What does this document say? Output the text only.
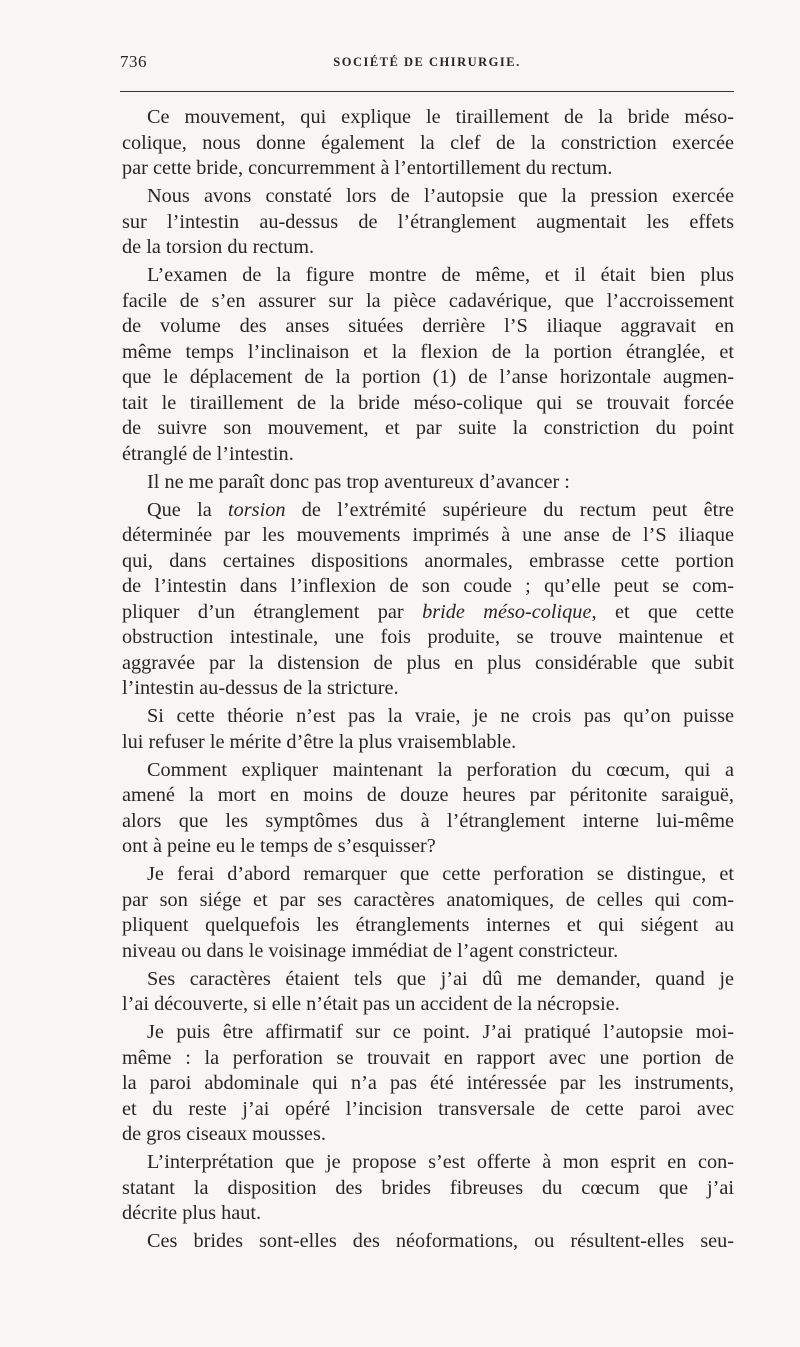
736	SOCIÉTÉ DE CHIRURGIE.
Ce mouvement, qui explique le tiraillement de la bride méso-
colique, nous donne également la clef de la constriction exercée
par cette bride, concurremment à l’entortillement du rectum.
Nous avons constaté lors de l’autopsie que la pression exercée
sur l’intestin au-dessus de l’étranglement augmentait les effets
de la torsion du rectum.
L’examen de la figure montre de même, et il était bien plus
facile de s’en assurer sur la pièce cadavérique, que l’accroissement
de volume des anses situées derrière l’S iliaque aggravait en
même temps l’inclinaison et la flexion de la portion étranglée, et
que le déplacement de la portion (1) de l’anse horizontale augmen-
tait le tiraillement de la bride méso-colique qui se trouvait forcée
de suivre son mouvement, et par suite la constriction du point
étranglé de l’intestin.
Il ne me paraît donc pas trop aventureux d’avancer :
Que la torsion de l’extrémité supérieure du rectum peut être
déterminée par les mouvements imprimés à une anse de l’S iliaque
qui, dans certaines dispositions anormales, embrasse cette portion
de l’intestin dans l’inflexion de son coude ; qu’elle peut se com-
pliquer d’un étranglement par bride méso-colique, et que cette
obstruction intestinale, une fois produite, se trouve maintenue et
aggravée par la distension de plus en plus considérable que subit
l’intestin au-dessus de la stricture.
Si cette théorie n’est pas la vraie, je ne crois pas qu’on puisse
lui refuser le mérite d’être la plus vraisemblable.
Comment expliquer maintenant la perforation du cœcum, qui a
amené la mort en moins de douze heures par péritonite saraiguë,
alors que les symptômes dus à l’étranglement interne lui-même
ont à peine eu le temps de s’esquisser?
Je ferai d’abord remarquer que cette perforation se distingue, et
par son siége et par ses caractères anatomiques, de celles qui com-
pliquent quelquefois les étranglements internes et qui siégent au
niveau ou dans le voisinage immédiat de l’agent constricteur.
Ses caractères étaient tels que j’ai dû me demander, quand je
l’ai découverte, si elle n’était pas un accident de la nécropsie.
Je puis être affirmatif sur ce point. J’ai pratiqué l’autopsie moi-
même : la perforation se trouvait en rapport avec une portion de
la paroi abdominale qui n’a pas été intéressée par les instruments,
et du reste j’ai opéré l’incision transversale de cette paroi avec
de gros ciseaux mousses.
L’interprétation que je propose s’est offerte à mon esprit en con-
statant la disposition des brides fibreuses du cœcum que j’ai
décrite plus haut.
Ces brides sont-elles des néoformations, ou résultent-elles seu-
